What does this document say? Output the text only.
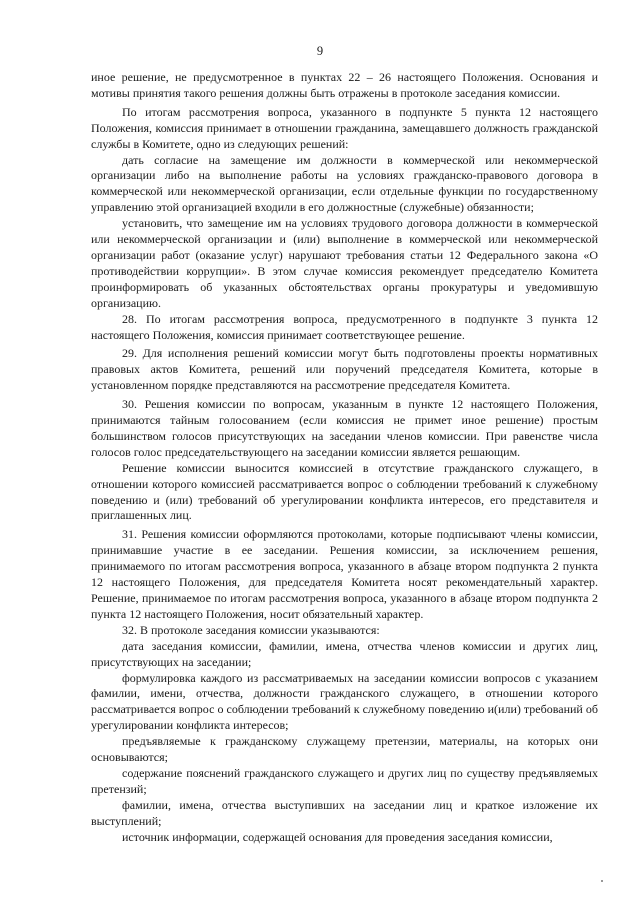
9

иное решение, не предусмотренное в пунктах 22 – 26 настоящего Положения. Основания и мотивы принятия такого решения должны быть отражены в протоколе заседания комиссии.

По итогам рассмотрения вопроса, указанного в подпункте 5 пункта 12 настоящего Положения, комиссия принимает в отношении гражданина, замещавшего должность гражданской службы в Комитете, одно из следующих решений:

дать согласие на замещение им должности в коммерческой или некоммерческой организации либо на выполнение работы на условиях гражданско-правового договора в коммерческой или некоммерческой организации, если отдельные функции по государственному управлению этой организацией входили в его должностные (служебные) обязанности;

установить, что замещение им на условиях трудового договора должности в коммерческой или некоммерческой организации и (или) выполнение в коммерческой или некоммерческой организации работ (оказание услуг) нарушают требования статьи 12 Федерального закона «О противодействии коррупции». В этом случае комиссия рекомендует председателю Комитета проинформировать об указанных обстоятельствах органы прокуратуры и уведомившую организацию.

28. По итогам рассмотрения вопроса, предусмотренного в подпункте 3 пункта 12 настоящего Положения, комиссия принимает соответствующее решение.

29. Для исполнения решений комиссии могут быть подготовлены проекты нормативных правовых актов Комитета, решений или поручений председателя Комитета, которые в установленном порядке представляются на рассмотрение председателя Комитета.

30. Решения комиссии по вопросам, указанным в пункте 12 настоящего Положения, принимаются тайным голосованием (если комиссия не примет иное решение) простым большинством голосов присутствующих на заседании членов комиссии. При равенстве числа голосов голос председательствующего на заседании комиссии является решающим.

Решение комиссии выносится комиссией в отсутствие гражданского служащего, в отношении которого комиссией рассматривается вопрос о соблюдении требований к служебному поведению и (или) требований об урегулировании конфликта интересов, его представителя и приглашенных лиц.

31. Решения комиссии оформляются протоколами, которые подписывают члены комиссии, принимавшие участие в ее заседании. Решения комиссии, за исключением решения, принимаемого по итогам рассмотрения вопроса, указанного в абзаце втором подпункта 2 пункта 12 настоящего Положения, для председателя Комитета носят рекомендательный характер. Решение, принимаемое по итогам рассмотрения вопроса, указанного в абзаце втором подпункта 2 пункта 12 настоящего Положения, носит обязательный характер.

32. В протоколе заседания комиссии указываются:

дата заседания комиссии, фамилии, имена, отчества членов комиссии и других лиц, присутствующих на заседании;

формулировка каждого из рассматриваемых на заседании комиссии вопросов с указанием фамилии, имени, отчества, должности гражданского служащего, в отношении которого рассматривается вопрос о соблюдении требований к служебному поведению и(или) требований об урегулировании конфликта интересов;

предъявляемые к гражданскому служащему претензии, материалы, на которых они основываются;

содержание пояснений гражданского служащего и других лиц по существу предъявляемых претензий;

фамилии, имена, отчества выступивших на заседании лиц и краткое изложение их выступлений;

источник информации, содержащей основания для проведения заседания комиссии,
